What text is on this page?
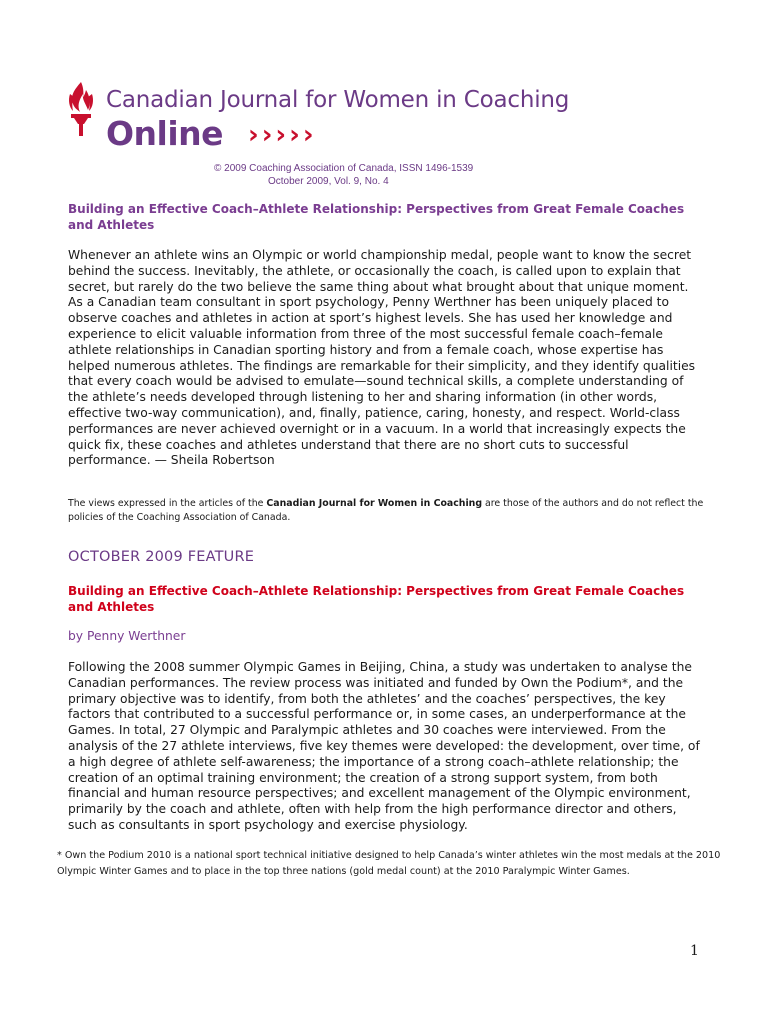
Canadian Journal for Women in Coaching
Online ›››››
© 2009 Coaching Association of Canada, ISSN 1496-1539
October 2009, Vol. 9, No. 4
Building an Effective Coach–Athlete Relationship: Perspectives from Great Female Coaches and Athletes
Whenever an athlete wins an Olympic or world championship medal, people want to know the secret behind the success. Inevitably, the athlete, or occasionally the coach, is called upon to explain that secret, but rarely do the two believe the same thing about what brought about that unique moment. As a Canadian team consultant in sport psychology, Penny Werthner has been uniquely placed to observe coaches and athletes in action at sport’s highest levels. She has used her knowledge and experience to elicit valuable information from three of the most successful female coach–female athlete relationships in Canadian sporting history and from a female coach, whose expertise has helped numerous athletes. The findings are remarkable for their simplicity, and they identify qualities that every coach would be advised to emulate—sound technical skills, a complete understanding of the athlete’s needs developed through listening to her and sharing information (in other words, effective two-way communication), and, finally, patience, caring, honesty, and respect. World-class performances are never achieved overnight or in a vacuum. In a world that increasingly expects the quick fix, these coaches and athletes understand that there are no short cuts to successful performance. — Sheila Robertson
The views expressed in the articles of the Canadian Journal for Women in Coaching are those of the authors and do not reflect the policies of the Coaching Association of Canada.
OCTOBER 2009 FEATURE
Building an Effective Coach–Athlete Relationship: Perspectives from Great Female Coaches and Athletes
by Penny Werthner
Following the 2008 summer Olympic Games in Beijing, China, a study was undertaken to analyse the Canadian performances. The review process was initiated and funded by Own the Podium*, and the primary objective was to identify, from both the athletes’ and the coaches’ perspectives, the key factors that contributed to a successful performance or, in some cases, an underperformance at the Games. In total, 27 Olympic and Paralympic athletes and 30 coaches were interviewed. From the analysis of the 27 athlete interviews, five key themes were developed: the development, over time, of a high degree of athlete self-awareness; the importance of a strong coach–athlete relationship; the creation of an optimal training environment; the creation of a strong support system, from both financial and human resource perspectives; and excellent management of the Olympic environment, primarily by the coach and athlete, often with help from the high performance director and others, such as consultants in sport psychology and exercise physiology.
* Own the Podium 2010 is a national sport technical initiative designed to help Canada’s winter athletes win the most medals at the 2010 Olympic Winter Games and to place in the top three nations (gold medal count) at the 2010 Paralympic Winter Games.
1
